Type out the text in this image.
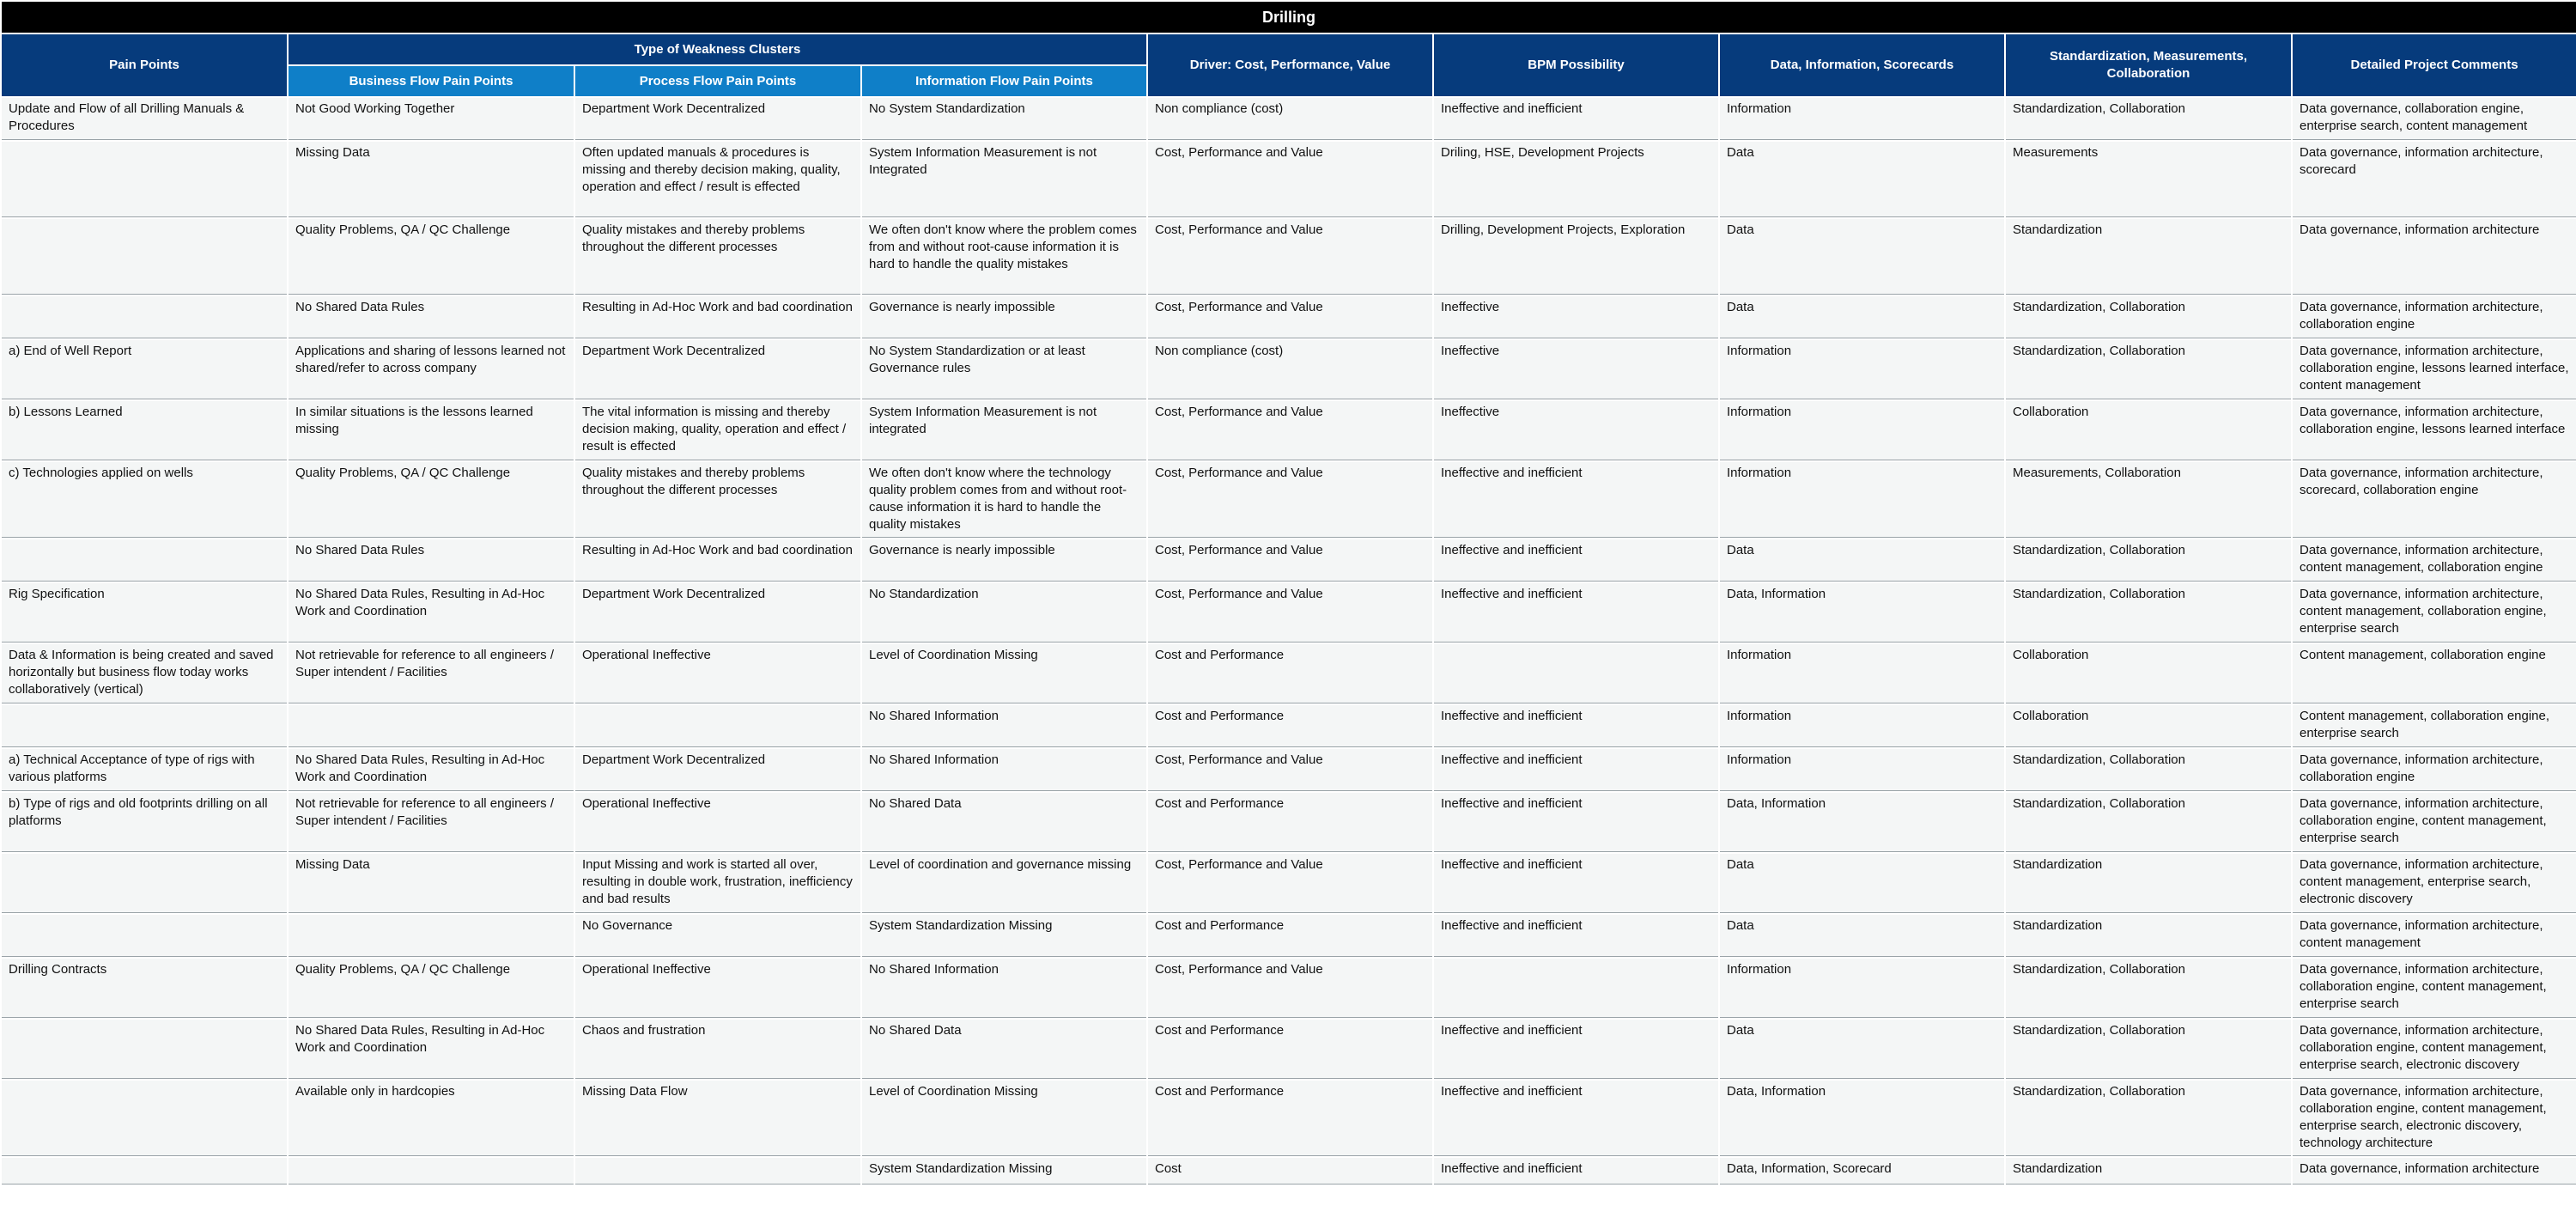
Drilling								
Pain Points	Type of Weakness Clusters			Driver: Cost, Performance, Value	BPM Possibility	Data, Information, Scorecards	Standardization, Measurements, Collaboration	Detailed Project Comments
	Business Flow Pain Points	Process Flow Pain Points	Information Flow Pain Points					
Update and Flow of all Drilling Manuals & Procedures	Not Good Working Together	Department Work Decentralized	No System Standardization	Non compliance (cost)	Ineffective and inefficient	Information	Standardization, Collaboration	Data governance, collaboration engine, enterprise search, content management
	Missing Data	Often updated manuals & procedures is missing and thereby decision making, quality, operation and effect / result is effected	System Information Measurement is not Integrated	Cost, Performance and Value	Driling, HSE, Development Projects	Data	Measurements	Data governance, information architecture, scorecard
	Quality Problems, QA / QC Challenge	Quality mistakes and thereby problems throughout the different processes	We often don't know where the problem comes from and without root-cause information it is hard to handle the quality mistakes	Cost, Performance and Value	Drilling, Development Projects, Exploration	Data	Standardization	Data governance, information architecture
	No Shared Data Rules	Resulting in Ad-Hoc Work and bad coordination	Governance is nearly impossible	Cost, Performance and Value	Ineffective	Data	Standardization, Collaboration	Data governance, information architecture, collaboration engine
a) End of Well Report	Applications and sharing of lessons learned not shared/refer to across company	Department Work Decentralized	No System Standardization or at least Governance rules	Non compliance (cost)	Ineffective	Information	Standardization, Collaboration	Data governance, information architecture, collaboration engine, lessons learned interface, content management
b) Lessons Learned	In similar situations is the lessons learned missing	The vital information is missing and thereby decision making, quality, operation and effect / result is effected	System Information Measurement is not integrated	Cost, Performance and Value	Ineffective	Information	Collaboration	Data governance, information architecture, collaboration engine, lessons learned interface
c) Technologies applied on wells	Quality Problems, QA / QC Challenge	Quality mistakes and thereby problems throughout the different processes	We often don't know where the technology quality problem comes from and without root-cause information it is hard to handle the quality mistakes	Cost, Performance and Value	Ineffective and inefficient	Information	Measurements, Collaboration	Data governance, information architecture, scorecard, collaboration engine
	No Shared Data Rules	Resulting in Ad-Hoc Work and bad coordination	Governance is nearly impossible	Cost, Performance and Value	Ineffective and inefficient	Data	Standardization, Collaboration	Data governance, information architecture, content management, collaboration engine
Rig Specification	No Shared Data Rules, Resulting in Ad-Hoc Work and Coordination	Department Work Decentralized	No Standardization	Cost, Performance and Value	Ineffective and inefficient	Data, Information	Standardization, Collaboration	Data governance, information architecture, content management, collaboration engine, enterprise search
Data & Information is being created and saved horizontally but business flow today works collaboratively (vertical)	Not retrievable for reference to all engineers / Super intendent / Facilities	Operational Ineffective	Level of Coordination Missing	Cost and Performance		Information	Collaboration	Content management, collaboration engine
			No Shared Information	Cost and Performance	Ineffective and inefficient	Information	Collaboration	Content management, collaboration engine, enterprise search
a) Technical Acceptance of type of rigs with various platforms	No Shared Data Rules, Resulting in Ad-Hoc Work and Coordination	Department Work Decentralized	No Shared Information	Cost, Performance and Value	Ineffective and inefficient	Information	Standardization, Collaboration	Data governance, information architecture, collaboration engine
b) Type of rigs and old footprints drilling on all platforms	Not retrievable for reference to all engineers / Super intendent / Facilities	Operational Ineffective	No Shared Data	Cost and Performance	Ineffective and inefficient	Data, Information	Standardization, Collaboration	Data governance, information architecture, collaboration engine, content management, enterprise search
	Missing Data	Input Missing and work is started all over, resulting in double work, frustration, inefficiency and bad results	Level of coordination and governance missing	Cost, Performance and Value	Ineffective and inefficient	Data	Standardization	Data governance, information architecture, content management, enterprise search, electronic discovery
		No Governance	System Standardization Missing	Cost and Performance	Ineffective and inefficient	Data	Standardization	Data governance, information architecture, content management
Drilling Contracts	Quality Problems, QA / QC Challenge	Operational Ineffective	No Shared Information	Cost, Performance and Value		Information	Standardization, Collaboration	Data governance, information architecture, collaboration engine, content management, enterprise search
	No Shared Data Rules, Resulting in Ad-Hoc Work and Coordination	Chaos and frustration	No Shared Data	Cost and Performance	Ineffective and inefficient	Data	Standardization, Collaboration	Data governance, information architecture, collaboration engine, content management, enterprise search, electronic discovery
	Available only in hardcopies	Missing Data Flow	Level of Coordination Missing	Cost and Performance	Ineffective and inefficient	Data, Information	Standardization, Collaboration	Data governance, information architecture, collaboration engine, content management, enterprise search, electronic discovery, technology architecture
			System Standardization Missing	Cost	Ineffective and inefficient	Data, Information, Scorecard	Standardization	Data governance, information architecture
